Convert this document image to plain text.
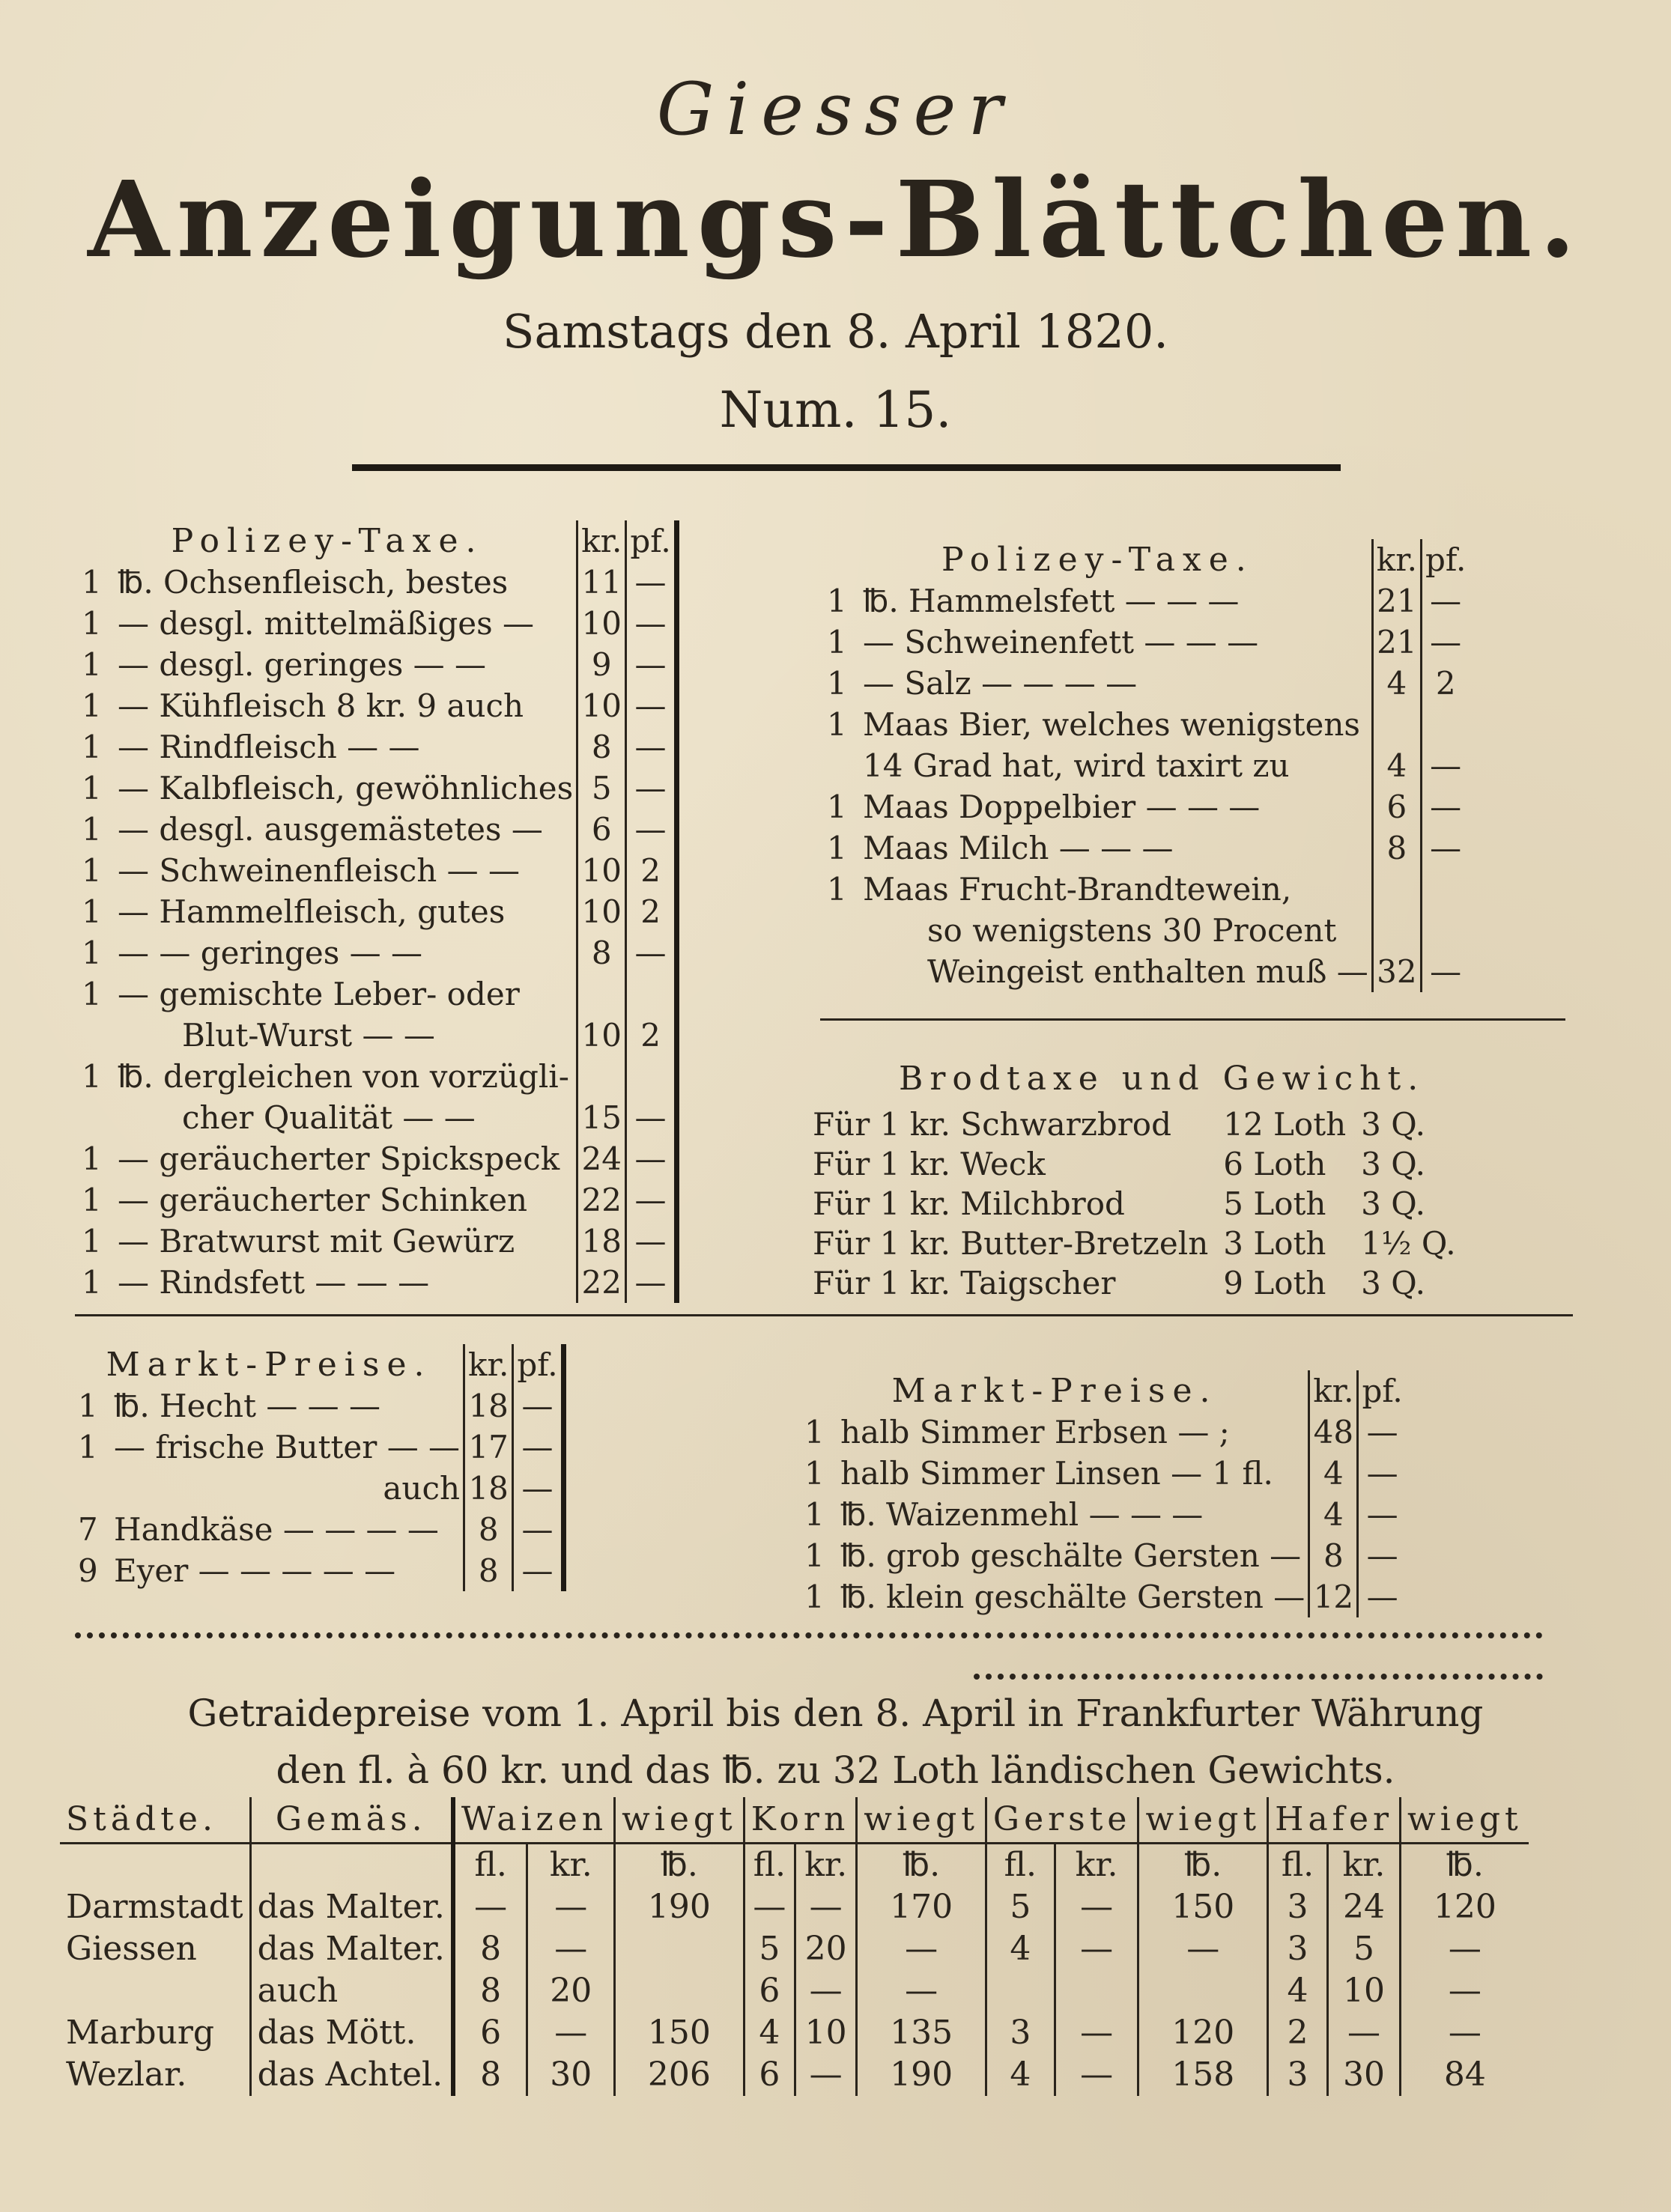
Giesser
Anzeigungs-Blättchen.
Samstags den 8. April 1820.
Num. 15.
Polizey-Taxe.		kr.	pf.
1	℔. Ochsenfleisch, bestes	11	—
1	— desgl. mittelmäßiges —	10	—
1	— desgl. geringes — —	9	—
1	— Kühfleisch 8 kr. 9 auch	10	—
1	— Rindfleisch — —	8	—
1	— Kalbfleisch, gewöhnliches	5	—
1	— desgl. ausgemästetes —	6	—
1	— Schweinenfleisch — —	10	2
1	— Hammelfleisch, gutes	10	2
1	— — geringes — —	8	—
1	— gemischte Leber- oder		
	Blut-Wurst — —	10	2
1	℔. dergleichen von vorzügli-		
	cher Qualität — —	15	—
1	— geräucherter Spickspeck	24	—
1	— geräucherter Schinken	22	—
1	— Bratwurst mit Gewürz	18	—
1	— Rindsfett — — —	22	—
Polizey-Taxe.		kr.	pf.
1	℔. Hammelsfett — — —	21	—
1	— Schweinenfett — — —	21	—
1	— Salz — — — —	4	2
1	Maas Bier, welches wenigstens		
	14 Grad hat, wird taxirt zu	4	—
1	Maas Doppelbier — — —	6	—
1	Maas Milch — — —	8	—
1	Maas Frucht-Brandtewein,		
	so wenigstens 30 Procent		
	Weingeist enthalten muß —	32	—
Brodtaxe und Gewicht.
Für 1 kr. Schwarzbrod	12 Loth	3 Q.
Für 1 kr. Weck	6 Loth	3 Q.
Für 1 kr. Milchbrod	5 Loth	3 Q.
Für 1 kr. Butter-Bretzeln	3 Loth	1½ Q.
Für 1 kr. Taigscher	9 Loth	3 Q.
Markt-Preise.		kr.	pf.
1	℔. Hecht — — —	18	—
1	— frische Butter — —	17	—
	auch	18	—
7	Handkäse — — — —	8	—
9	Eyer — — — — —	8	—
Markt-Preise.		kr.	pf.
1	halb Simmer Erbsen — ;	48	—
1	halb Simmer Linsen — 1 fl.	4	—
1	℔. Waizenmehl — — —	4	—
1	℔. grob geschälte Gersten —	8	—
1	℔. klein geschälte Gersten —	12	—
Getraidepreise vom 1. April bis den 8. April in Frankfurter Währung
den fl. à 60 kr. und das ℔. zu 32 Loth ländischen Gewichts.
Städte.	Gemäs.	Waizen		wiegt	Korn		wiegt	Gerste		wiegt	Hafer		wiegt
		fl.	kr.	℔.	fl.	kr.	℔.	fl.	kr.	℔.	fl.	kr.	℔.
Darmstadt	das Malter.	—	—	190	—	—	170	5	—	150	3	24	120
Giessen	das Malter.	8	—		5	20	—	4	—	—	3	5	—
	auch	8	20		6	—	—				4	10	—
Marburg	das Mött.	6	—	150	4	10	135	3	—	120	2	—	—
Wezlar.	das Achtel.	8	30	206	6	—	190	4	—	158	3	30	84
